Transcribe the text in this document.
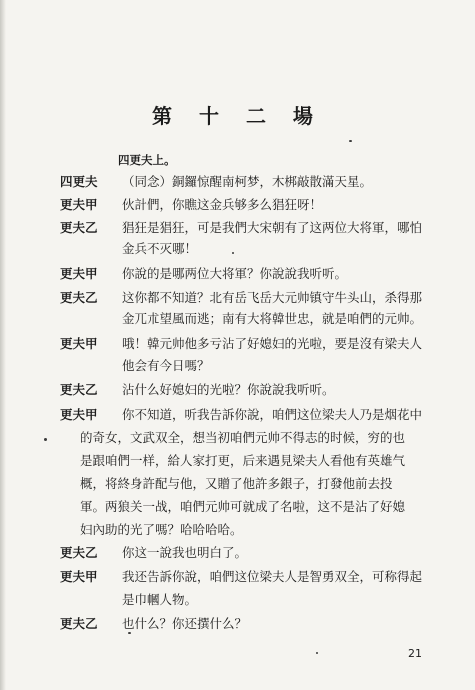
第 十 二 場
四更夫上。
四更夫 （同念）銅鑼惊醒南柯梦，木梆敲散滿天星。
更夫甲 伙計們，你瞧这金兵够多么猖狂呀！
更夫乙 猖狂是猖狂，可是我們大宋朝有了这两位大将軍，哪怕
金兵不灭哪！
更夫甲 你說的是哪两位大将軍？你說說我听听。
更夫乙 这你都不知道？北有岳飞岳大元帅镇守牛头山，杀得那
金兀朮望風而逃；南有大将韓世忠，就是咱們的元帅。
更夫甲 哦！韓元帅他多亏沾了好媳妇的光啦，要是沒有梁夫人
他会有今日嗎？
更夫乙 沾什么好媳妇的光啦？你說說我听听。
更夫甲 你不知道，听我告訴你說，咱們这位梁夫人乃是烟花中
的奇女，文武双全，想当初咱們元帅不得志的时候，穷的也
是跟咱們一样，給人家打更，后来遇見梁夫人看他有英雄气
概，将終身許配与他，又贈了他許多銀子，打發他前去投
軍。两狼关一战，咱們元帅可就成了名啦，这不是沾了好媳
妇內助的光了嗎？哈哈哈哈。
更夫乙 你这一說我也明白了。
更夫甲 我还告訴你說，咱們这位梁夫人是智勇双全，可称得起
是巾幗人物。
更夫乙 也什么？你还撰什么？
21
